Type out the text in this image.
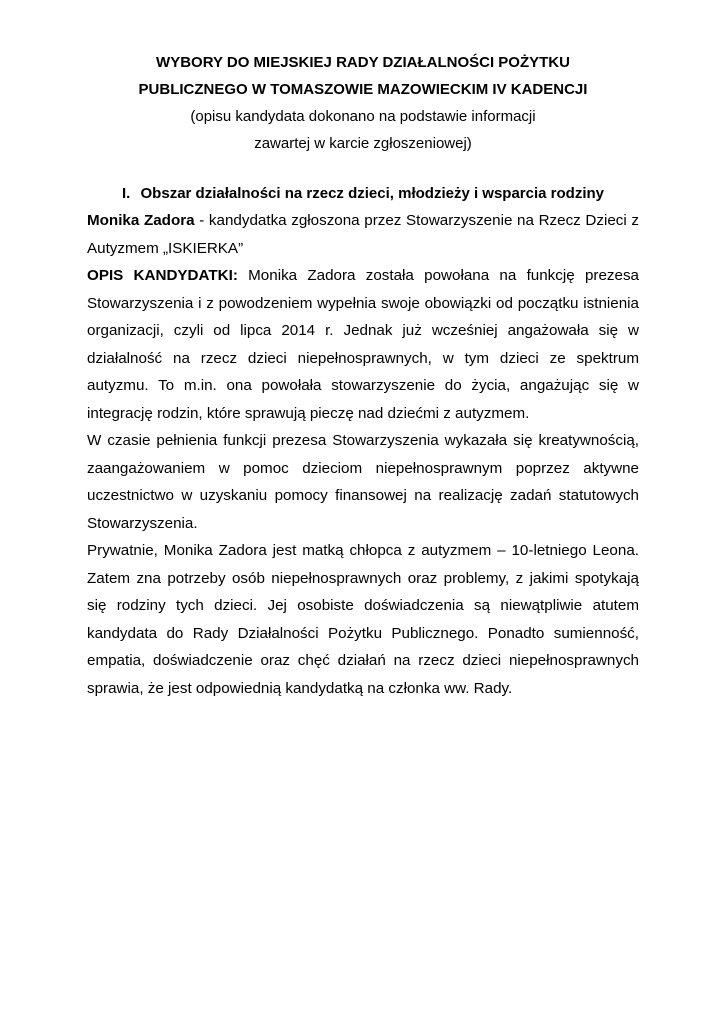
WYBORY DO MIEJSKIEJ RADY DZIAŁALNOŚCI POŻYTKU

PUBLICZNEGO W TOMASZOWIE MAZOWIECKIM IV KADENCJI

(opisu kandydata dokonano na podstawie informacji

zawartej w karcie zgłoszeniowej)

I. Obszar działalności na rzecz dzieci, młodzieży i wsparcia rodziny

Monika Zadora - kandydatka zgłoszona przez Stowarzyszenie na Rzecz Dzieci z Autyzmem „ISKIERKA”

OPIS KANDYDATKI: Monika Zadora została powołana na funkcję prezesa Stowarzyszenia i z powodzeniem wypełnia swoje obowiązki od początku istnienia organizacji, czyli od lipca 2014 r. Jednak już wcześniej angażowała się w działalność na rzecz dzieci niepełnosprawnych, w tym dzieci ze spektrum autyzmu. To m.in. ona powołała stowarzyszenie do życia, angażując się w integrację rodzin, które sprawują pieczę nad dziećmi z autyzmem.

W czasie pełnienia funkcji prezesa Stowarzyszenia wykazała się kreatywnością, zaangażowaniem w pomoc dzieciom niepełnosprawnym poprzez aktywne uczestnictwo w uzyskaniu pomocy finansowej na realizację zadań statutowych Stowarzyszenia.

Prywatnie, Monika Zadora jest matką chłopca z autyzmem – 10-letniego Leona. Zatem zna potrzeby osób niepełnosprawnych oraz problemy, z jakimi spotykają się rodziny tych dzieci. Jej osobiste doświadczenia są niewątpliwie atutem kandydata do Rady Działalności Pożytku Publicznego. Ponadto sumienność, empatia, doświadczenie oraz chęć działań na rzecz dzieci niepełnosprawnych sprawia, że jest odpowiednią kandydatką na członka ww. Rady.
